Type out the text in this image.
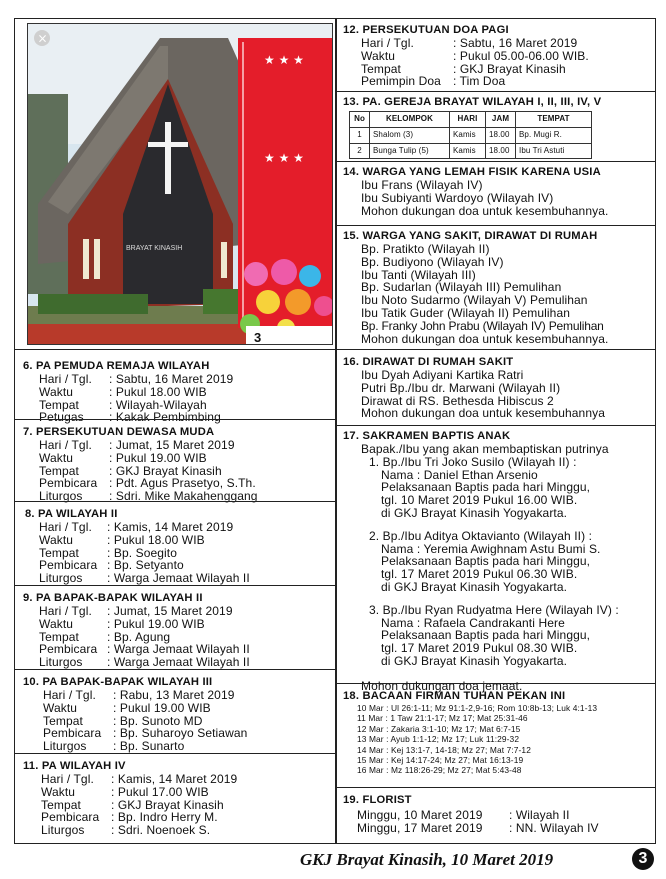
BRAYAT KINASIH
★ ★ ★
★ ★ ★
3
×
6. PA PEMUDA REMAJA WILAYAH
Hari / Tgl.	: Sabtu, 16 Maret 2019
Waktu	: Pukul 18.00 WIB
Tempat	: Wilayah-Wilayah
Petugas	: Kakak Pembimbing
7. PERSEKUTUAN DEWASA MUDA
Hari / Tgl.	: Jumat, 15 Maret 2019
Waktu	: Pukul 19.00 WIB
Tempat	: GKJ Brayat Kinasih
Pembicara : Pdt. Agus Prasetyo, S.Th.
Liturgos	: Sdri. Mike Makahenggang
8. PA WILAYAH II
Hari / Tgl.	: Kamis, 14 Maret 2019
Waktu	: Pukul 18.00 WIB
Tempat	: Bp. Soegito
Pembicara : Bp. Setyanto
Liturgos	: Warga Jemaat Wilayah II
9. PA BAPAK-BAPAK WILAYAH II
Hari / Tgl.	: Jumat, 15 Maret 2019
Waktu	: Pukul 19.00 WIB
Tempat	: Bp. Agung
Pembicara : Warga Jemaat Wilayah II
Liturgos	: Warga Jemaat Wilayah II
10. PA BAPAK-BAPAK WILAYAH III
Hari / Tgl.	: Rabu, 13 Maret 2019
Waktu	: Pukul 19.00 WIB
Tempat	: Bp. Sunoto MD
Pembicara : Bp. Suharoyo Setiawan
Liturgos	: Bp. Sunarto
11. PA WILAYAH IV
Hari / Tgl.	: Kamis, 14 Maret 2019
Waktu	: Pukul 17.00 WIB
Tempat	: GKJ Brayat Kinasih
Pembicara : Bp. Indro Herry M.
Liturgos	: Sdri. Noenoek S.
12. PERSEKUTUAN DOA PAGI
Hari / Tgl.	: Sabtu, 16 Maret 2019
Waktu	: Pukul 05.00-06.00 WIB.
Tempat	: GKJ Brayat Kinasih
Pemimpin Doa	: Tim Doa
13. PA. GEREJA BRAYAT WILAYAH I, II, III, IV, V
No	KELOMPOK	HARI	JAM	TEMPAT
1	Shalom (3)	Kamis	18.00	Bp. Mugi R.
2	Bunga Tulip (5)	Kamis	18.00	Ibu Tri Astuti
14. WARGA YANG LEMAH FISIK KARENA USIA
Ibu Frans (Wilayah IV)
Ibu Subiyanti Wardoyo (Wilayah IV)
Mohon dukungan doa untuk kesembuhannya.
15. WARGA YANG SAKIT, DIRAWAT DI RUMAH
Bp. Pratikto (Wilayah II)
Bp. Budiyono (Wilayah IV)
Ibu Tanti (Wilayah III)
Bp. Sudarlan (Wilayah III) Pemulihan
Ibu Noto Sudarmo (Wilayah V) Pemulihan
Ibu Tatik Guder (Wilayah II) Pemulihan
Bp. Franky John Prabu (Wilayah IV) Pemulihan
Mohon dukungan doa untuk kesembuhannya.
16. DIRAWAT DI RUMAH SAKIT
Ibu Dyah Adiyani Kartika Ratri
Putri Bp./Ibu dr. Marwani (Wilayah II)
Dirawat di RS. Bethesda Hibiscus 2
Mohon dukungan doa untuk kesembuhannya
17. SAKRAMEN BAPTIS ANAK
Bapak./Ibu yang akan membaptiskan putrinya
1. Bp./Ibu Tri Joko Susilo (Wilayah II) :
Nama : Daniel Ethan Arsenio
Pelaksanaan Baptis pada hari Minggu,
tgl. 10 Maret 2019 Pukul 16.00 WIB.
di GKJ Brayat Kinasih Yogyakarta.
2. Bp./Ibu Aditya Oktavianto (Wilayah II) :
Nama : Yeremia Awighnam Astu Bumi S.
Pelaksanaan Baptis pada hari Minggu,
tgl. 17 Maret 2019 Pukul 06.30 WIB.
di GKJ Brayat Kinasih Yogyakarta.
3. Bp./Ibu Ryan Rudyatma Here (Wilayah IV) :
Nama : Rafaela Candrakanti Here
Pelaksanaan Baptis pada hari Minggu,
tgl. 17 Maret 2019 Pukul 08.30 WIB.
di GKJ Brayat Kinasih Yogyakarta.
Mohon dukungan doa jemaat.
18. BACAAN FIRMAN TUHAN PEKAN INI
10 Mar : Ul 26:1-11; Mz 91:1-2,9-16; Rom 10:8b-13; Luk 4:1-13
11 Mar : 1 Taw 21:1-17; Mz 17; Mat 25:31-46
12 Mar : Zakaria 3:1-10; Mz 17; Mat 6:7-15
13 Mar : Ayub 1:1-12; Mz 17; Luk 11:29-32
14 Mar : Kej 13:1-7, 14-18; Mz 27; Mat 7:7-12
15 Mar : Kej 14:17-24; Mz 27; Mat 16:13-19
16 Mar : Mz 118:26-29; Mz 27; Mat 5:43-48
19. FLORIST
Minggu, 10 Maret 2019	: Wilayah II
Minggu, 17 Maret 2019	: NN. Wilayah IV
GKJ Brayat Kinasih, 10 Maret 2019	3
